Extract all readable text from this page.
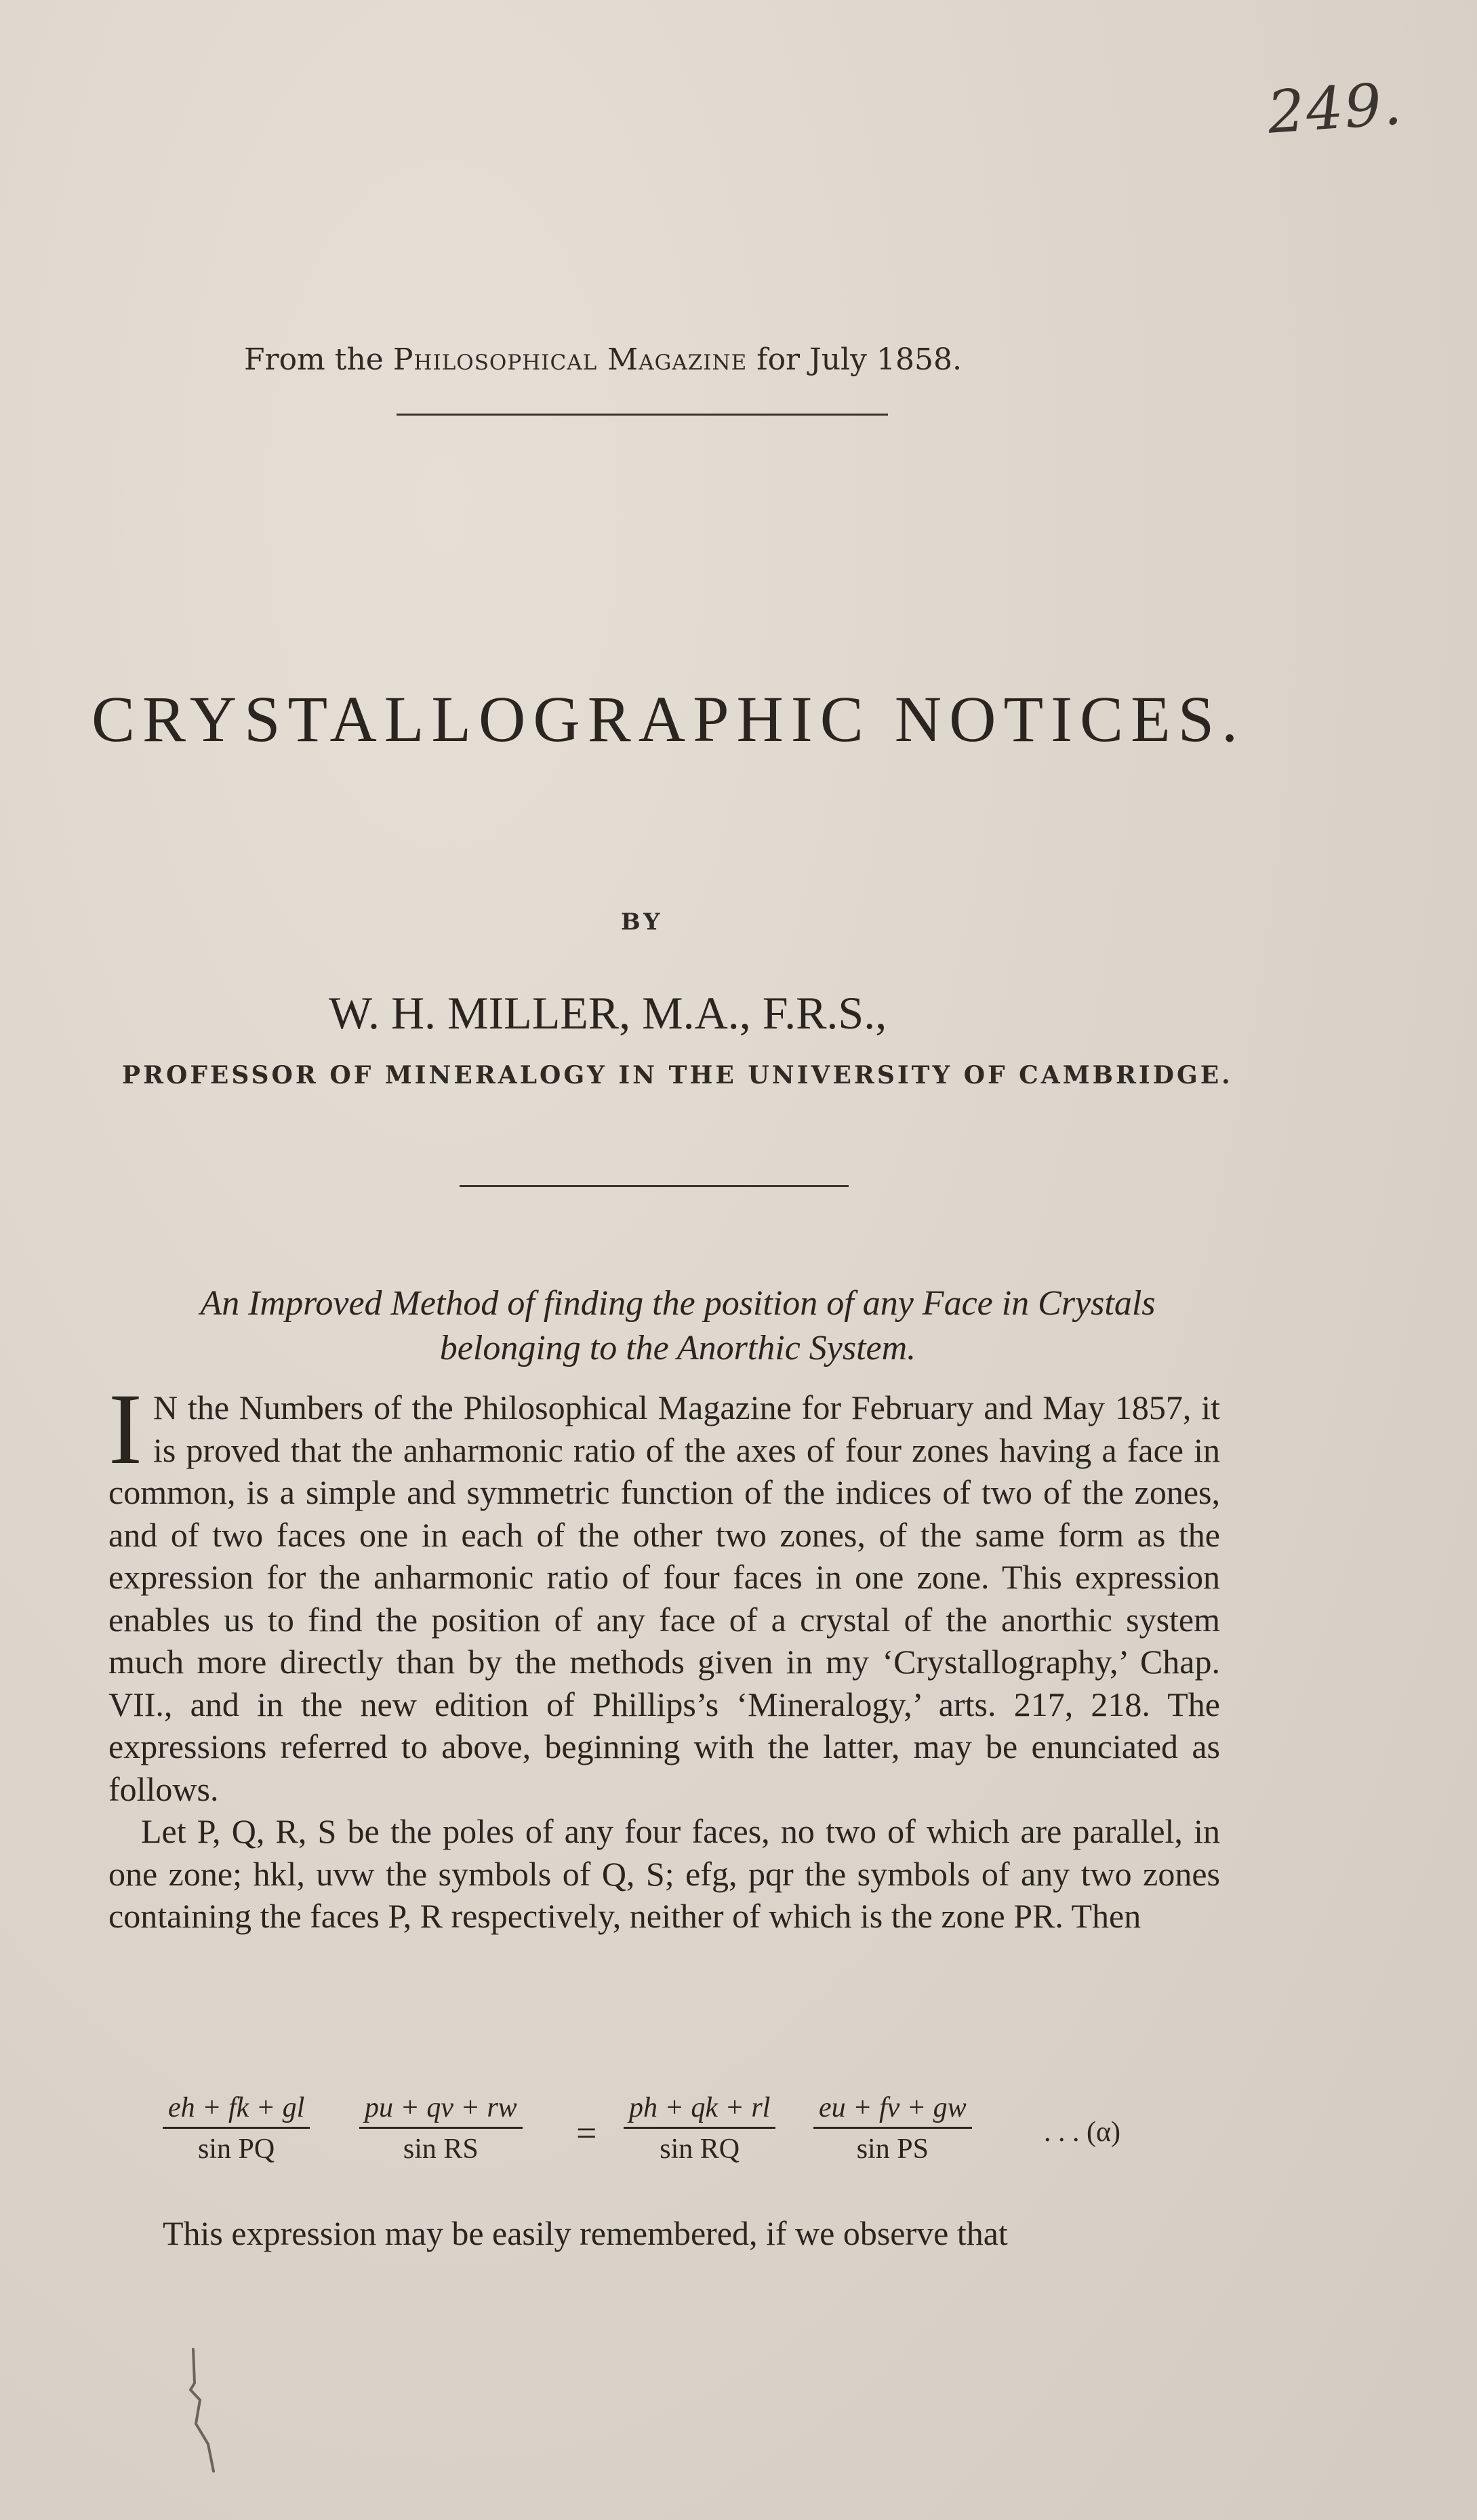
249.
From the Philosophical Magazine for July 1858.
CRYSTALLOGRAPHIC NOTICES.
BY
W. H. MILLER, M.A., F.R.S.,
PROFESSOR OF MINERALOGY IN THE UNIVERSITY OF CAMBRIDGE.
An Improved Method of finding the position of any Face in Crystals belonging to the Anorthic System.

I N the Numbers of the Philosophical Magazine for February and May 1857, it is proved that the anharmonic ratio of the axes of four zones having a face in common, is a simple and symmetric function of the indices of two of the zones, and of two faces one in each of the other two zones, of the same form as the expression for the anharmonic ratio of four faces in one zone. This expression enables us to find the position of any face of a crystal of the anorthic system much more directly than by the methods given in my ‘Crystallography,’ Chap. VII., and in the new edition of Phillips’s ‘Mineralogy,’ arts. 217, 218. The expressions referred to above, beginning with the latter, may be enunciated as follows.

Let P, Q, R, S be the poles of any four faces, no two of which are parallel, in one zone; hkl, uvw the symbols of Q, S; efg, pqr the symbols of any two zones containing the faces P, R respectively, neither of which is the zone PR. Then

$\frac{eh + fk + gl}{\text{sin PQ}} \frac{pu + qv + rw}{\text{sin RS}} = \frac{ph + qk + rl}{\text{sin RQ}} \frac{eu + fv + gw}{\text{sin PS}}$	. . . (α)
This expression may be easily remembered, if we observe that
